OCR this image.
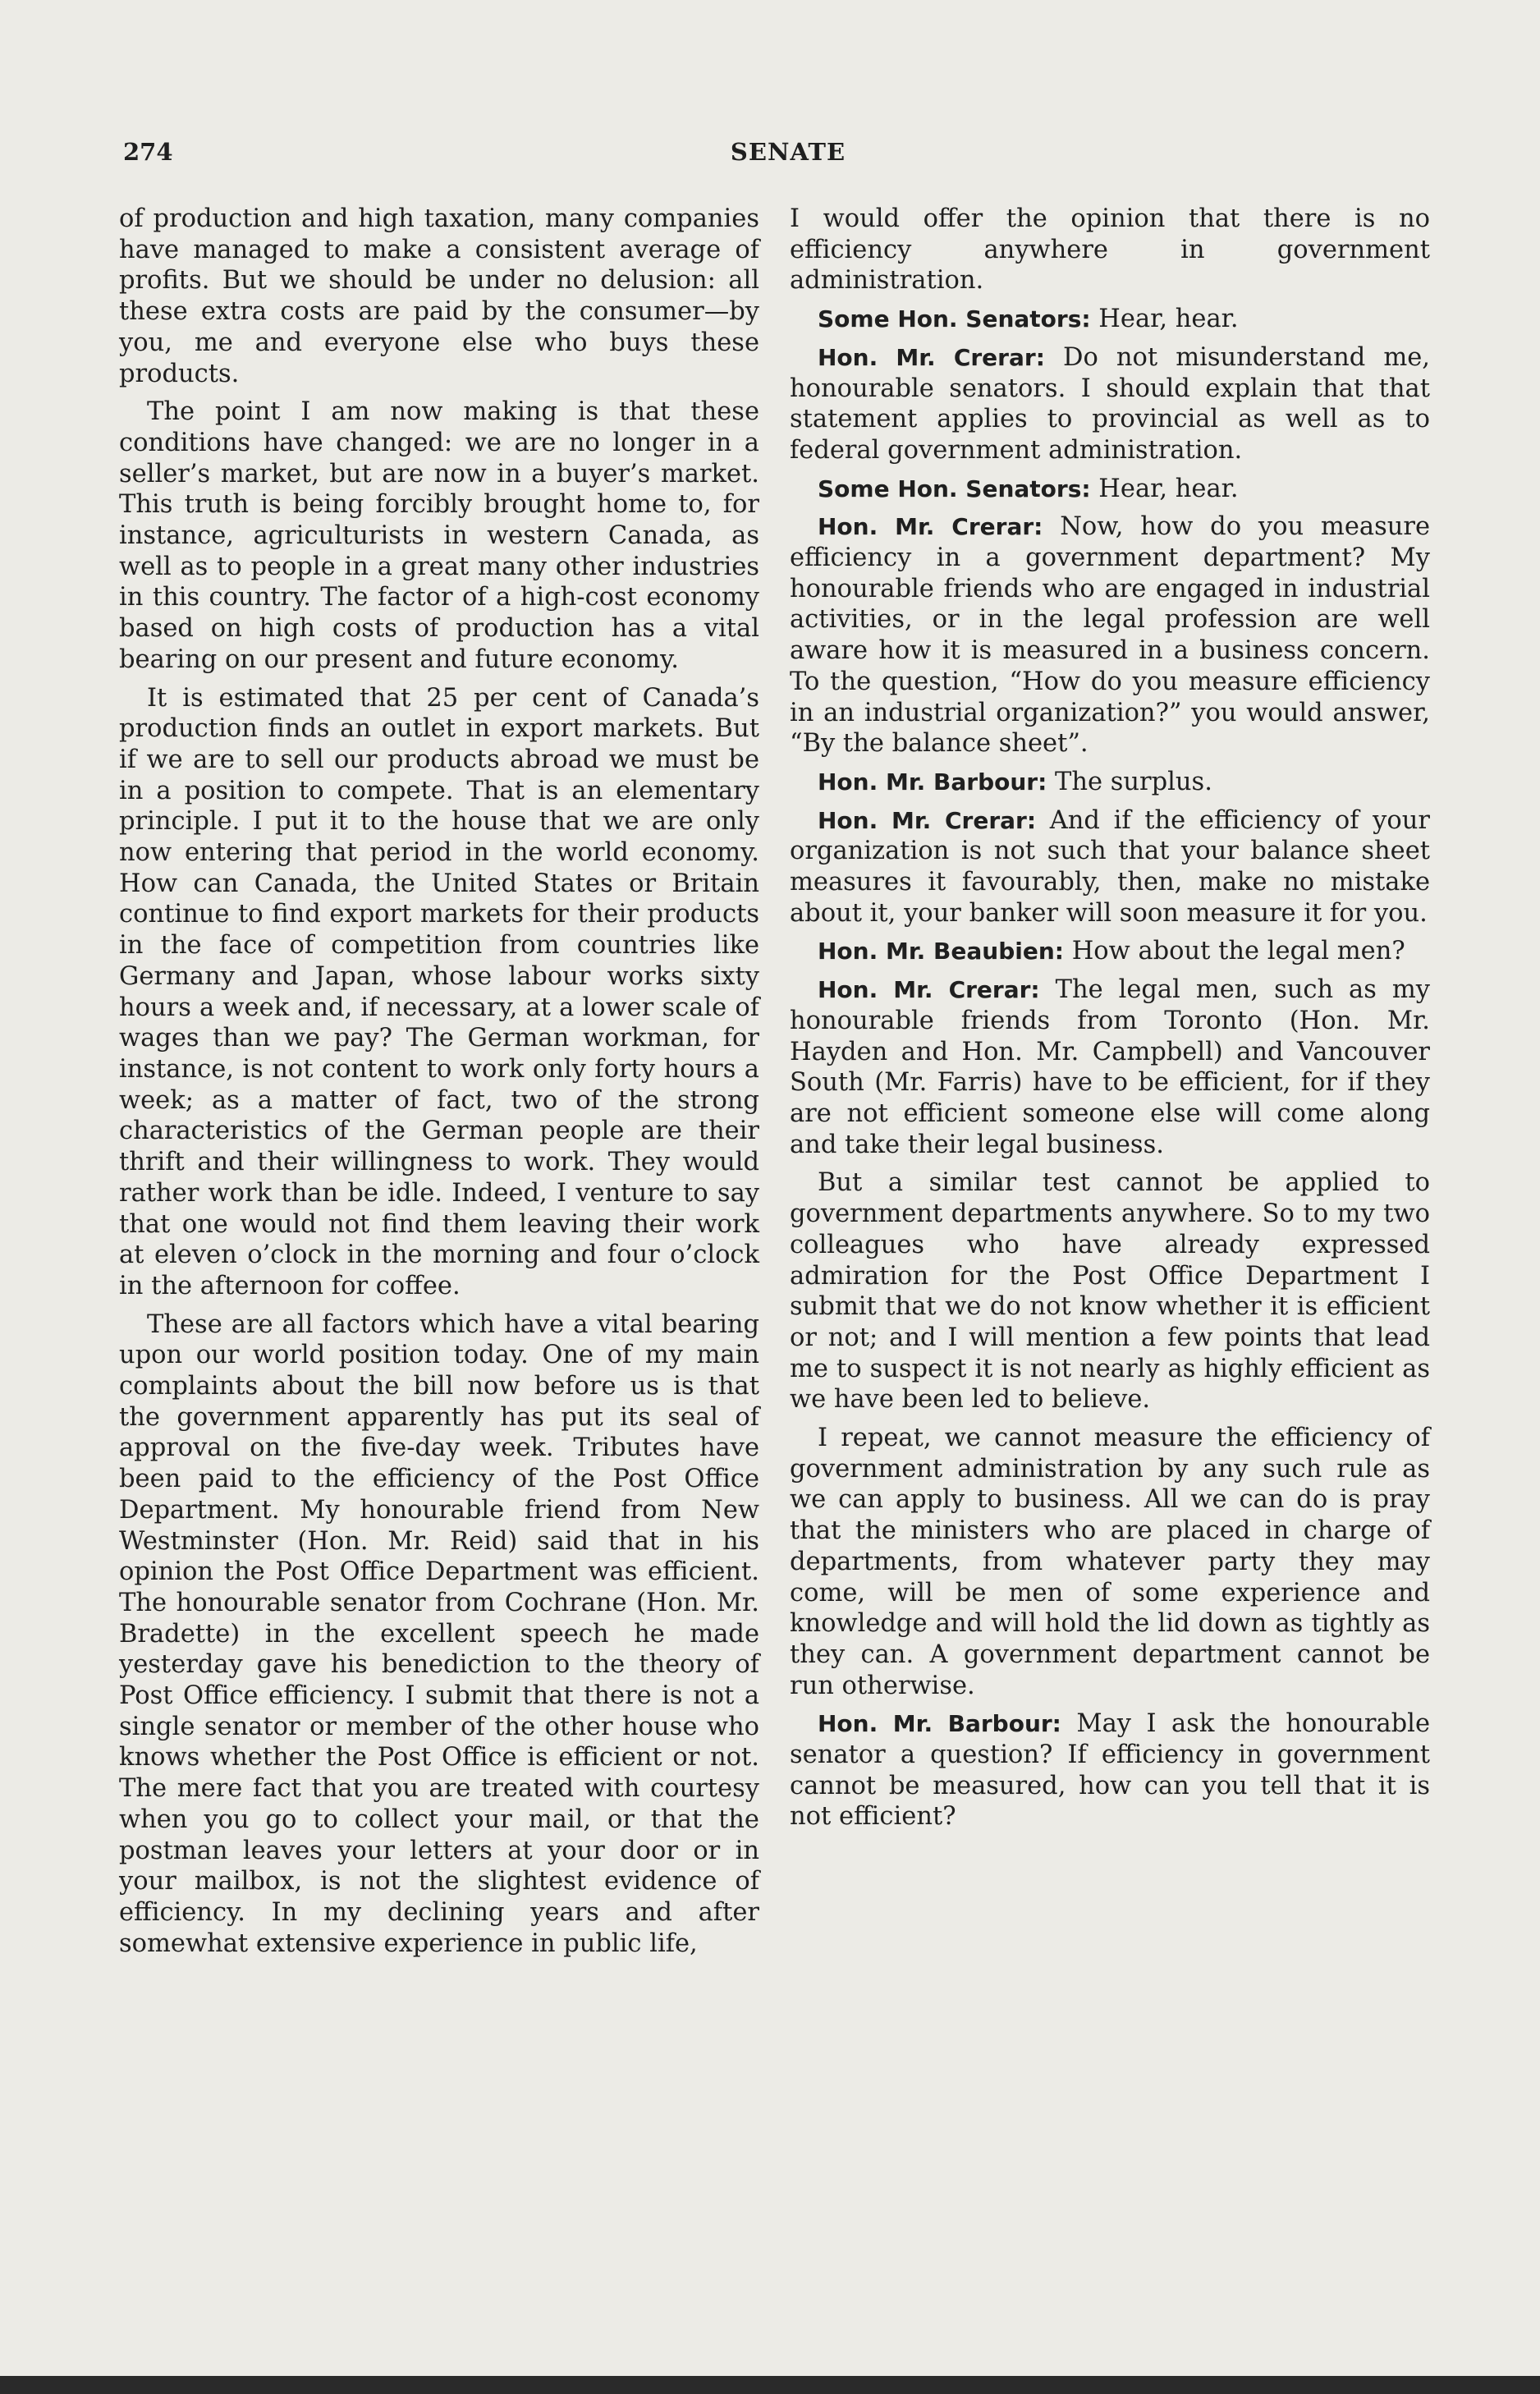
274	SENATE

of production and high taxation, many companies have managed to make a consistent average of profits. But we should be under no delusion: all these extra costs are paid by the consumer—by you, me and everyone else who buys these products.

The point I am now making is that these conditions have changed: we are no longer in a seller’s market, but are now in a buyer’s market. This truth is being forcibly brought home to, for instance, agriculturists in western Canada, as well as to people in a great many other industries in this country. The factor of a high-cost economy based on high costs of production has a vital bearing on our present and future economy.

It is estimated that 25 per cent of Canada’s production finds an outlet in export markets. But if we are to sell our products abroad we must be in a position to compete. That is an elementary principle. I put it to the house that we are only now entering that period in the world economy. How can Canada, the United States or Britain continue to find export markets for their products in the face of competition from countries like Germany and Japan, whose labour works sixty hours a week and, if necessary, at a lower scale of wages than we pay? The German workman, for instance, is not content to work only forty hours a week; as a matter of fact, two of the strong characteristics of the German people are their thrift and their willingness to work. They would rather work than be idle. Indeed, I venture to say that one would not find them leaving their work at eleven o’clock in the morning and four o’clock in the afternoon for coffee.

These are all factors which have a vital bearing upon our world position today. One of my main complaints about the bill now before us is that the government apparently has put its seal of approval on the five-day week. Tributes have been paid to the efficiency of the Post Office Department. My honourable friend from New Westminster (Hon. Mr. Reid) said that in his opinion the Post Office Department was efficient. The honourable senator from Cochrane (Hon. Mr. Bradette) in the excellent speech he made yesterday gave his benediction to the theory of Post Office efficiency. I submit that there is not a single senator or member of the other house who knows whether the Post Office is efficient or not. The mere fact that you are treated with courtesy when you go to collect your mail, or that the postman leaves your letters at your door or in your mailbox, is not the slightest evidence of efficiency. In my declining years and after somewhat extensive experience in public life,

I would offer the opinion that there is no efficiency anywhere in government administration.

Some Hon. Senators: Hear, hear.

Hon. Mr. Crerar: Do not misunderstand me, honourable senators. I should explain that that statement applies to provincial as well as to federal government administration.

Some Hon. Senators: Hear, hear.

Hon. Mr. Crerar: Now, how do you measure efficiency in a government department? My honourable friends who are engaged in industrial activities, or in the legal profession are well aware how it is measured in a business concern. To the question, “How do you measure efficiency in an industrial organization?” you would answer, “By the balance sheet”.

Hon. Mr. Barbour: The surplus.

Hon. Mr. Crerar: And if the efficiency of your organization is not such that your balance sheet measures it favourably, then, make no mistake about it, your banker will soon measure it for you.

Hon. Mr. Beaubien: How about the legal men?

Hon. Mr. Crerar: The legal men, such as my honourable friends from Toronto (Hon. Mr. Hayden and Hon. Mr. Campbell) and Vancouver South (Mr. Farris) have to be efficient, for if they are not efficient someone else will come along and take their legal business.

But a similar test cannot be applied to government departments anywhere. So to my two colleagues who have already expressed admiration for the Post Office Department I submit that we do not know whether it is efficient or not; and I will mention a few points that lead me to suspect it is not nearly as highly efficient as we have been led to believe.

I repeat, we cannot measure the efficiency of government administration by any such rule as we can apply to business. All we can do is pray that the ministers who are placed in charge of departments, from whatever party they may come, will be men of some experience and knowledge and will hold the lid down as tightly as they can. A government department cannot be run otherwise.

Hon. Mr. Barbour: May I ask the honourable senator a question? If efficiency in government cannot be measured, how can you tell that it is not efficient?
